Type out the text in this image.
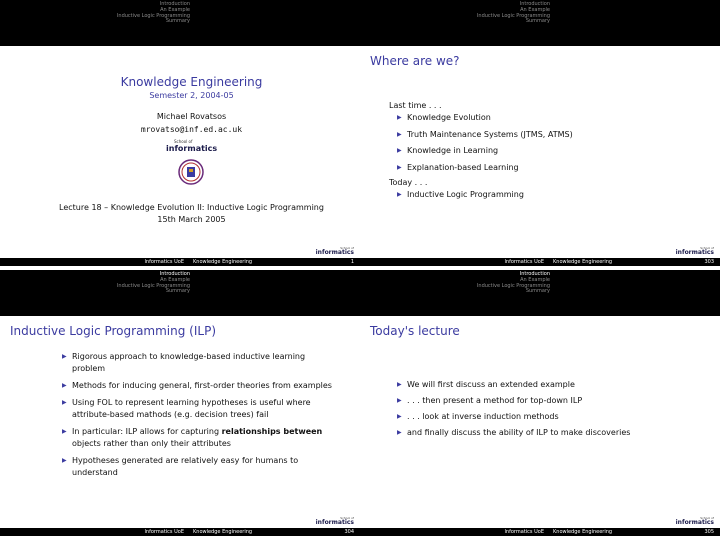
Introduction
An Example
Inductive Logic Programming
Summary
Knowledge Engineering
Semester 2, 2004-05
Michael Rovatsos
mrovatso@inf.ed.ac.uk
School of
informatics
Lecture 18 – Knowledge Evolution II: Inductive Logic Programming
15th March 2005
School of
informatics
Informatics UoE	Knowledge Engineering	1
Introduction
An Example
Inductive Logic Programming
Summary
Where are we?
Last time . . .
▶ Knowledge Evolution
▶ Truth Maintenance Systems (JTMS, ATMS)
▶ Knowledge in Learning
▶ Explanation-based Learning
Today . . .
▶ Inductive Logic Programming
School of
informatics
Informatics UoE	Knowledge Engineering	303
Introduction
An Example
Inductive Logic Programming
Summary
Inductive Logic Programming (ILP)
▶ Rigorous approach to knowledge-based inductive learning problem
▶ Methods for inducing general, first-order theories from examples
▶ Using FOL to represent learning hypotheses is useful where attribute-based mathods (e.g. decision trees) fail
▶ In particular: ILP allows for capturing relationships between objects rather than only their attributes
▶ Hypotheses generated are relatively easy for humans to understand
School of
informatics
Informatics UoE	Knowledge Engineering	304
Introduction
An Example
Inductive Logic Programming
Summary
Today's lecture
▶ We will first discuss an extended example
▶ . . . then present a method for top-down ILP
▶ . . . look at inverse induction methods
▶ and finally discuss the ability of ILP to make discoveries
School of
informatics
Informatics UoE	Knowledge Engineering	305
